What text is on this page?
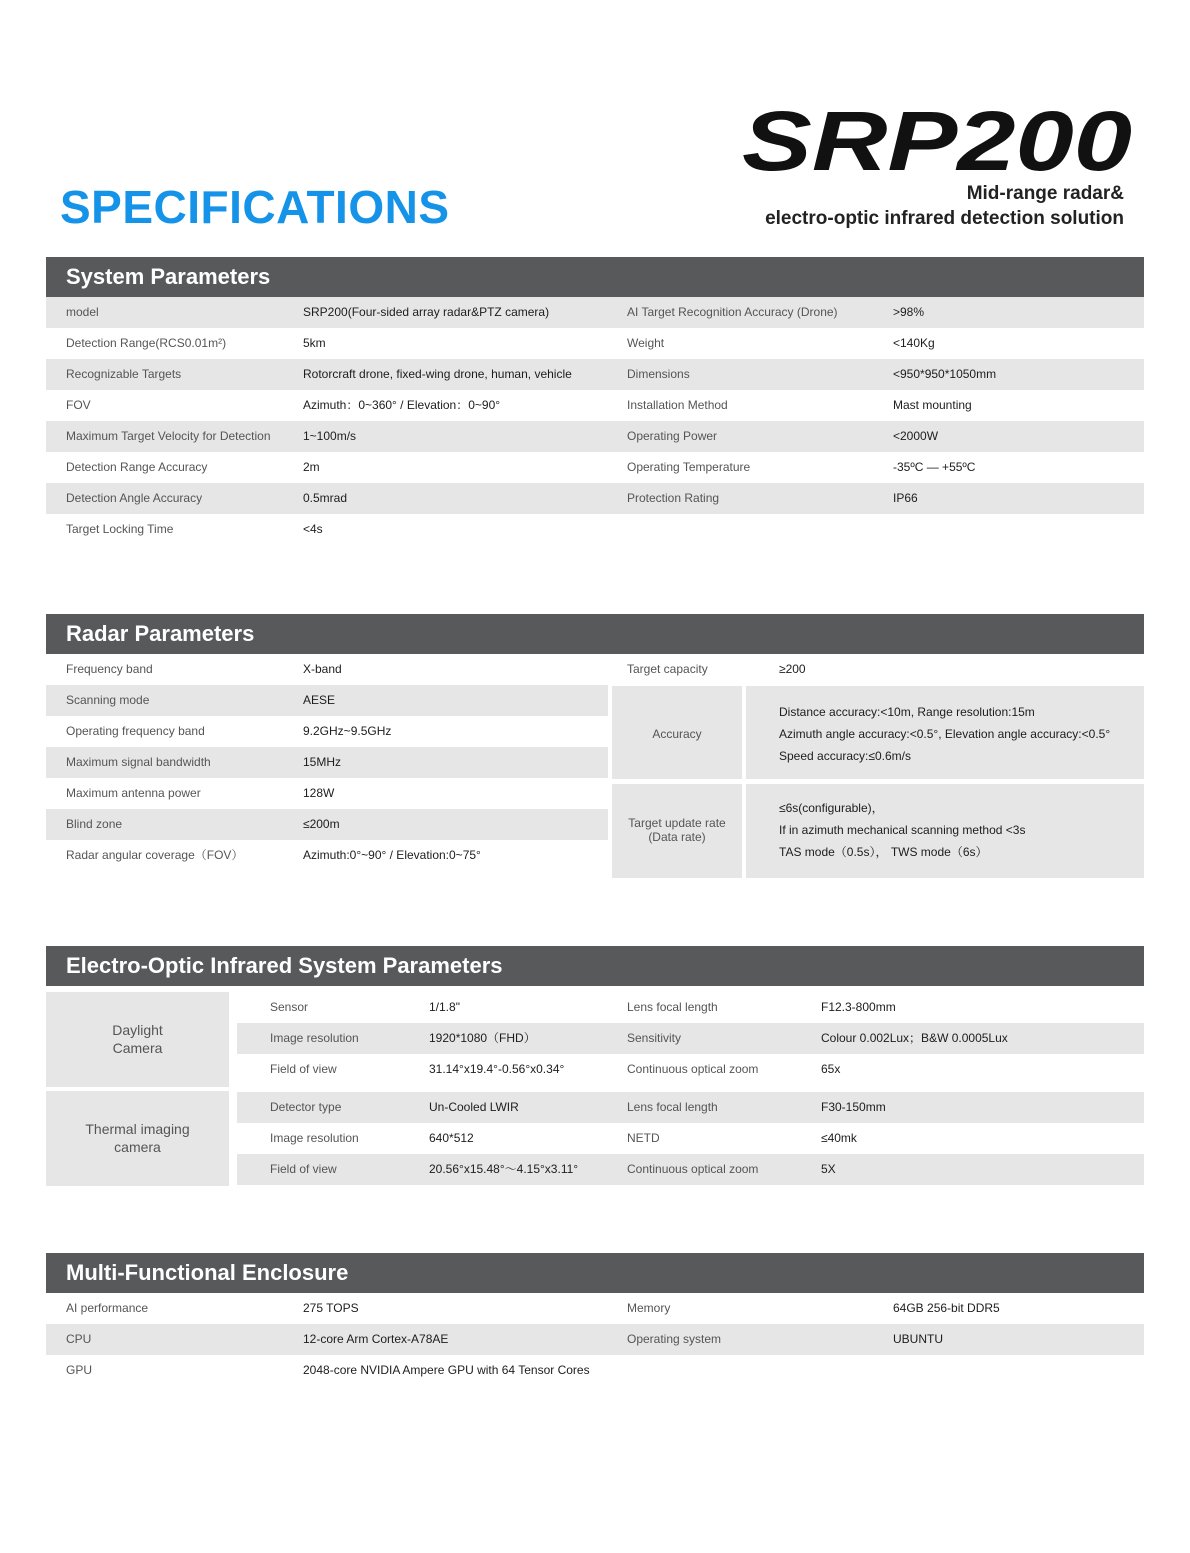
SRP200
SPECIFICATIONS	Mid-range radar&
electro-optic infrared detection solution
System Parameters
model	SRP200(Four-sided array radar&PTZ camera)	AI Target Recognition Accuracy (Drone)	>98%
Detection Range(RCS0.01m²)	5km	Weight	<140Kg
Recognizable Targets	Rotorcraft drone, fixed-wing drone, human, vehicle	Dimensions	<950*950*1050mm
FOV	Azimuth：0~360° / Elevation：0~90°	Installation Method	Mast mounting
Maximum Target Velocity for Detection	1~100m/s	Operating Power	<2000W
Detection Range Accuracy	2m	Operating Temperature	-35ºC — +55ºC
Detection Angle Accuracy	0.5mrad	Protection Rating	IP66
Target Locking Time	<4s
Radar Parameters
Frequency band	X-band
Scanning mode	AESE
Operating frequency band	9.2GHz~9.5GHz
Maximum signal bandwidth	15MHz
Maximum antenna power	128W
Blind zone	≤200m
Radar angular coverage（FOV）	Azimuth:0°~90° / Elevation:0~75°
Target capacity	≥200
Accuracy
Distance accuracy:<10m, Range resolution:15m
Azimuth angle accuracy:<0.5°, Elevation angle accuracy:<0.5°
Speed accuracy:≤0.6m/s
Target update rate
(Data rate)
≤6s(configurable)，
If in azimuth mechanical scanning method <3s
TAS mode（0.5s）， TWS mode（6s）
Electro-Optic Infrared System Parameters
Daylight
Camera
Sensor	1/1.8"	Lens focal length	F12.3-800mm
Image resolution	1920*1080（FHD）	Sensitivity	Colour 0.002Lux；B&W 0.0005Lux
Field of view	31.14°x19.4°-0.56°x0.34°	Continuous optical zoom	65x
Thermal imaging
camera
Detector type	Un-Cooled LWIR	Lens focal length	F30-150mm
Image resolution	640*512	NETD	≤40mk
Field of view	20.56°x15.48°～4.15°x3.11°	Continuous optical zoom	5X
Multi-Functional Enclosure
AI performance	275 TOPS	Memory	64GB 256-bit DDR5
CPU	12-core Arm Cortex-A78AE	Operating system	UBUNTU
GPU	2048-core NVIDIA Ampere GPU with 64 Tensor Cores
